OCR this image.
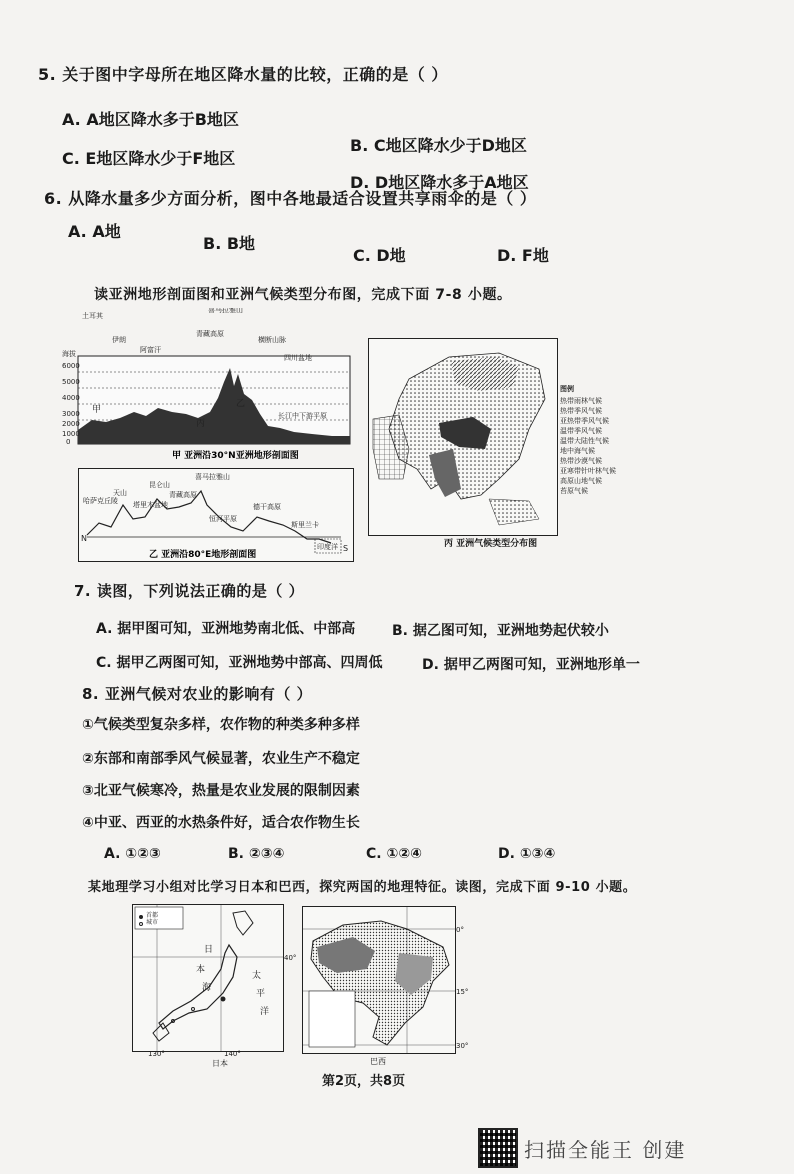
5. 关于图中字母所在地区降水量的比较，正确的是（ ）
A. A地区降水多于B地区
B. C地区降水少于D地区
C. E地区降水少于F地区
D. D地区降水多于A地区
6. 从降水量多少方面分析，图中各地最适合设置共享雨伞的是（ ）
A. A地
B. B地
C. D地	D. F地
读亚洲地形剖面图和亚洲气候类型分布图，完成下面 7-8 小题。
土耳其
伊朗
阿富汗
喜马拉雅山
青藏高原
横断山脉
四川盆地
长江中下游平原
海拔
6000
5000
4000
3000
2000
1000
0
甲
乙
丙
甲 亚洲沿30°N亚洲地形剖面图
哈萨克丘陵
天山
昆仑山
塔里木盆地
青藏高原
喜马拉雅山
恒河平原
德干高原
斯里兰卡
印度洋
N
S
乙 亚洲沿80°E地形剖面图
丙 亚洲气候类型分布图
图例
热带雨林气候
热带季风气候
亚热带季风气候
温带季风气候
温带大陆性气候
地中海气候
热带沙漠气候
亚寒带针叶林气候
高原山地气候
苔原气候
7. 读图，下列说法正确的是（ ）
A. 据甲图可知，亚洲地势南北低、中部高	B. 据乙图可知，亚洲地势起伏较小
C. 据甲乙两图可知，亚洲地势中部高、四周低	D. 据甲乙两图可知，亚洲地形单一
8. 亚洲气候对农业的影响有（ ）
①气候类型复杂多样，农作物的种类多种多样
②东部和南部季风气候显著，农业生产不稳定
③北亚气候寒冷，热量是农业发展的限制因素
④中亚、西亚的水热条件好，适合农作物生长
A. ①②③	B. ②③④	C. ①②④	D. ①③④
某地理学习小组对比学习日本和巴西，探究两国的地理特征。读图，完成下面 9-10 小题。
首都
城市
日
本
海
太
平
洋
130°	140°
40°
日本
0°
15°
30°
巴西
第2页，共8页
扫描全能王 创建
